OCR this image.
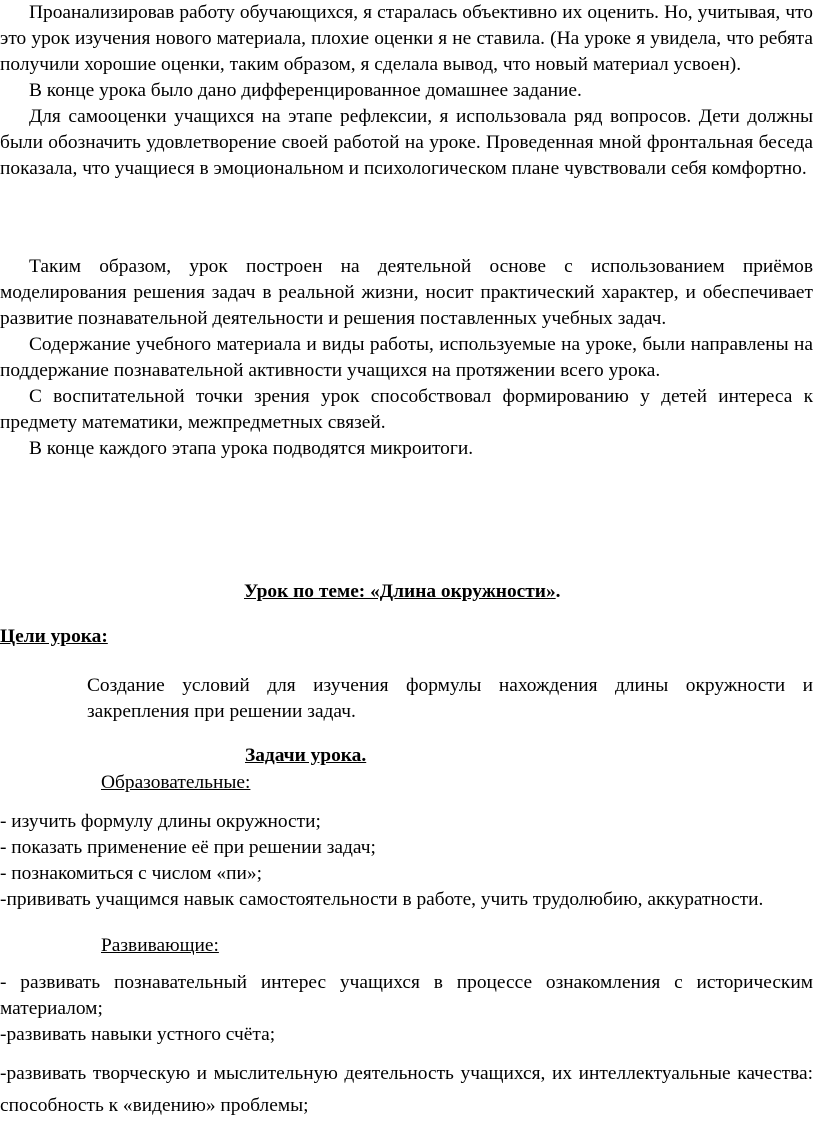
Проанализировав работу обучающихся, я старалась объективно их оценить. Но, учитывая, что это урок изучения нового материала, плохие оценки я не ставила. (На уроке я увидела, что ребята получили хорошие оценки, таким образом, я сделала вывод, что новый материал усвоен).

В конце урока было дано дифференцированное домашнее задание.

Для самооценки учащихся на этапе рефлексии, я использовала ряд вопросов. Дети должны были обозначить удовлетворение своей работой на уроке. Проведенная мной фронтальная беседа показала, что учащиеся в эмоциональном и психологическом плане чувствовали себя комфортно.

Таким образом, урок построен на деятельной основе с использованием приёмов моделирования решения задач в реальной жизни, носит практический характер, и обеспечивает развитие познавательной деятельности и решения поставленных учебных задач.

Содержание учебного материала и виды работы, используемые на уроке, были направлены на поддержание познавательной активности учащихся на протяжении всего урока.

С воспитательной точки зрения урок способствовал формированию у детей интереса к предмету математики, межпредметных связей.

В конце каждого этапа урока подводятся микроитоги.

Урок по теме: «Длина окружности».

Цели урока:

Создание условий для изучения формулы нахождения длины окружности и закрепления при решении задач.

Задачи урока.

Образовательные:

- изучить формулу длины окружности;
- показать применение её при решении задач;
- познакомиться с числом «пи»;
-прививать учащимся навык самостоятельности в работе, учить трудолюбию, аккуратности.

Развивающие:

- развивать познавательный интерес учащихся в процессе ознакомления с историческим материалом;
-развивать навыки устного счёта;
-развивать творческую и мыслительную деятельность учащихся, их интеллектуальные качества: способность к «видению» проблемы;
